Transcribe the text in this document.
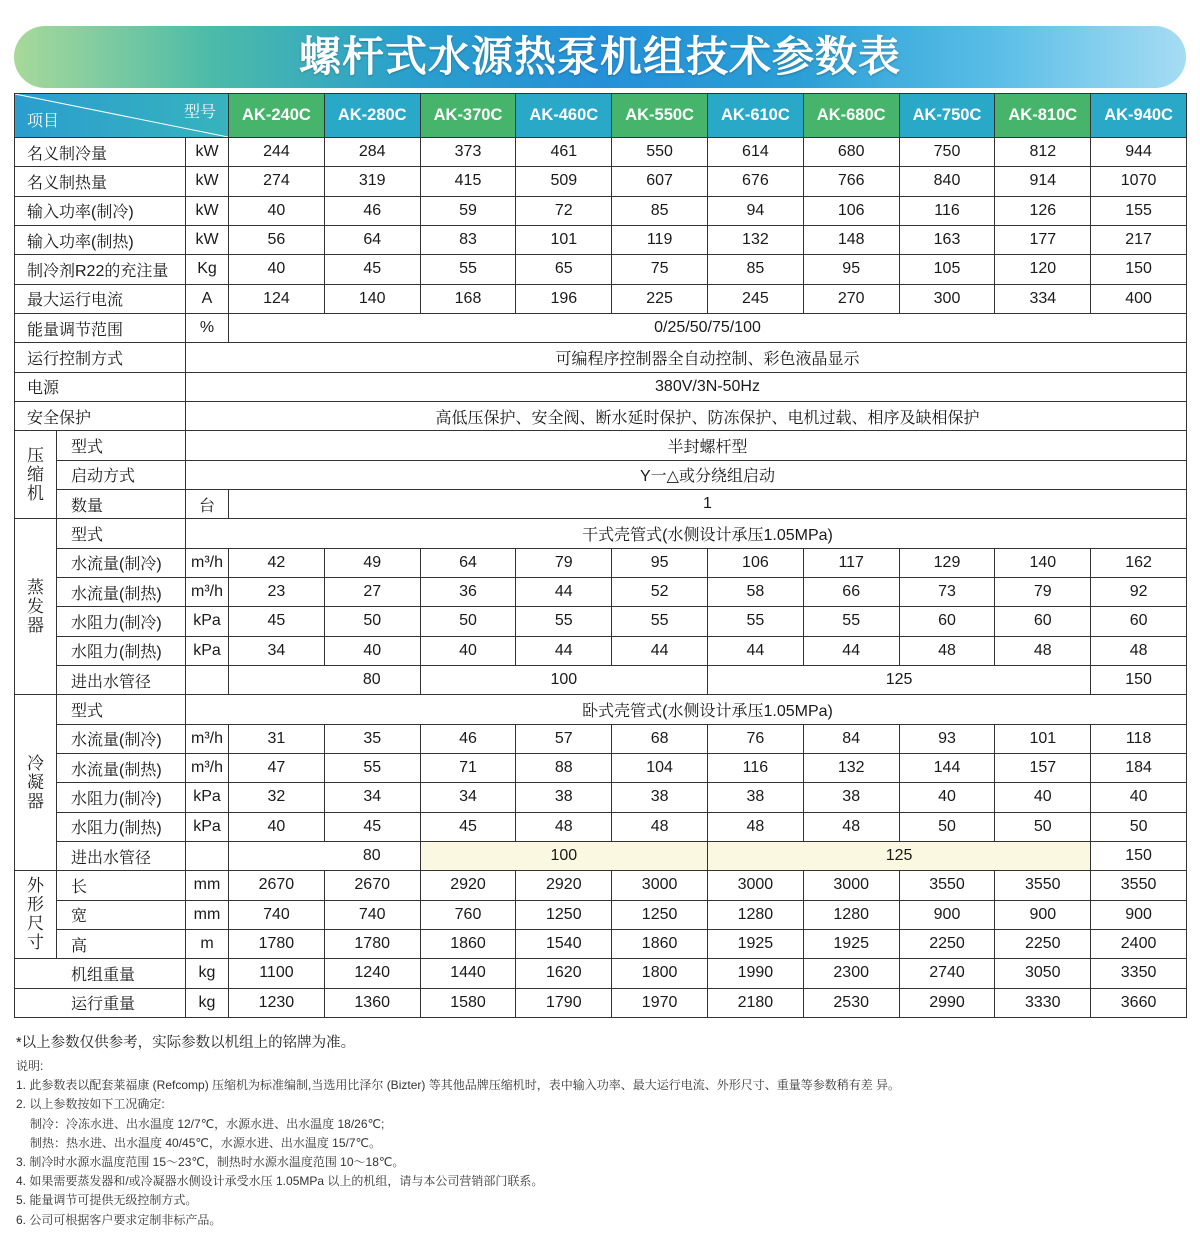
螺杆式水源热泵机组技术参数表
型号
项目			AK-240C	AK-280C	AK-370C	AK-460C	AK-550C	AK-610C	AK-680C	AK-750C	AK-810C	AK-940C
名义制冷量		kW	244	284	373	461	550	614	680	750	812	944
名义制热量		kW	274	319	415	509	607	676	766	840	914	1070
输入功率(制冷)		kW	40	46	59	72	85	94	106	116	126	155
输入功率(制热)		kW	56	64	83	101	119	132	148	163	177	217
制冷剂R22的充注量		Kg	40	45	55	65	75	85	95	105	120	150
最大运行电流		A	124	140	168	196	225	245	270	300	334	400
能量调节范围		%	0/25/50/75/100									
运行控制方式		可编程序控制器全自动控制、彩色液晶显示										
电源		380V/3N-50Hz										
安全保护		高低压保护、安全阀、断水延时保护、防冻保护、电机过载、相序及缺相保护										
压缩机	型式	半封螺杆型										
	启动方式	Y一△或分绕组启动										
	数量	台	1									
蒸发器	型式	干式壳管式(水侧设计承压1.05MPa)										
	水流量(制冷)	m³/h	42	49	64	79	95	106	117	129	140	162
	水流量(制热)	m³/h	23	27	36	44	52	58	66	73	79	92
	水阻力(制冷)	kPa	45	50	50	55	55	55	55	60	60	60
	水阻力(制热)	kPa	34	40	40	44	44	44	44	48	48	48
	进出水管径		80		100			125				150
冷凝器	型式	卧式壳管式(水侧设计承压1.05MPa)										
	水流量(制冷)	m³/h	31	35	46	57	68	76	84	93	101	118
	水流量(制热)	m³/h	47	55	71	88	104	116	132	144	157	184
	水阻力(制冷)	kPa	32	34	34	38	38	38	38	40	40	40
	水阻力(制热)	kPa	40	45	45	48	48	48	48	50	50	50
	进出水管径		80		100			125				150
外形尺寸	长	mm	2670	2670	2920	2920	3000	3000	3000	3550	3550	3550
	宽	mm	740	740	760	1250	1250	1280	1280	900	900	900
	高	m	1780	1780	1860	1540	1860	1925	1925	2250	2250	2400
机组重量		kg	1100	1240	1440	1620	1800	1990	2300	2740	3050	3350
运行重量		kg	1230	1360	1580	1790	1970	2180	2530	2990	3330	3660
*以上参数仅供参考，实际参数以机组上的铭牌为准。
说明:
1. 此参数表以配套莱福康 (Refcomp) 压缩机为标准编制,当选用比泽尔 (Bizter) 等其他品牌压缩机时，表中输入功率、最大运行电流、外形尺寸、重量等参数稍有差 异。
2. 以上参数按如下工况确定:
制冷：冷冻水进、出水温度 12/7℃，水源水进、出水温度 18/26℃;
制热：热水进、出水温度 40/45℃，水源水进、出水温度 15/7℃。
3. 制冷时水源水温度范围 15～23℃，制热时水源水温度范围 10～18℃。
4. 如果需要蒸发器和/或冷凝器水侧设计承受水压 1.05MPa 以上的机组，请与本公司营销部门联系。
5. 能量调节可提供无级控制方式。
6. 公司可根据客户要求定制非标产品。
